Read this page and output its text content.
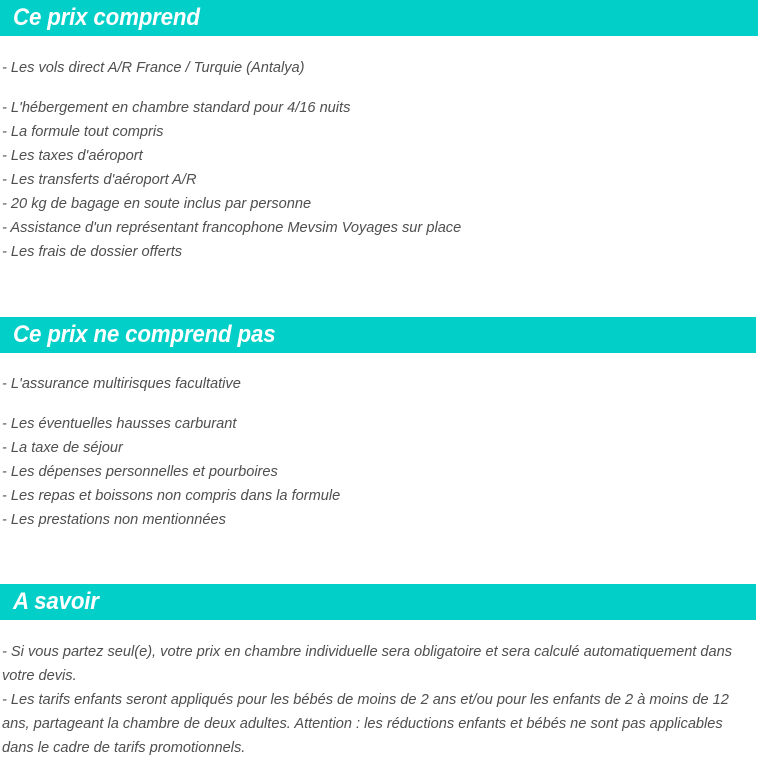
Ce prix comprend

- Les vols direct A/R France / Turquie (Antalya)

- L'hébergement en chambre standard pour 4/16 nuits

- La formule tout compris

- Les taxes d'aéroport

- Les transferts d'aéroport A/R

- 20 kg de bagage en soute inclus par personne

- Assistance d'un représentant francophone Mevsim Voyages sur place

- Les frais de dossier offerts

Ce prix ne comprend pas

- L'assurance multirisques facultative

- Les éventuelles hausses carburant

- La taxe de séjour

- Les dépenses personnelles et pourboires

- Les repas et boissons non compris dans la formule

- Les prestations non mentionnées

A savoir

- Si vous partez seul(e), votre prix en chambre individuelle sera obligatoire et sera calculé automatiquement dans votre devis.

- Les tarifs enfants seront appliqués pour les bébés de moins de 2 ans et/ou pour les enfants de 2 à moins de 12 ans, partageant la chambre de deux adultes. Attention : les réductions enfants et bébés ne sont pas applicables dans le cadre de tarifs promotionnels.
